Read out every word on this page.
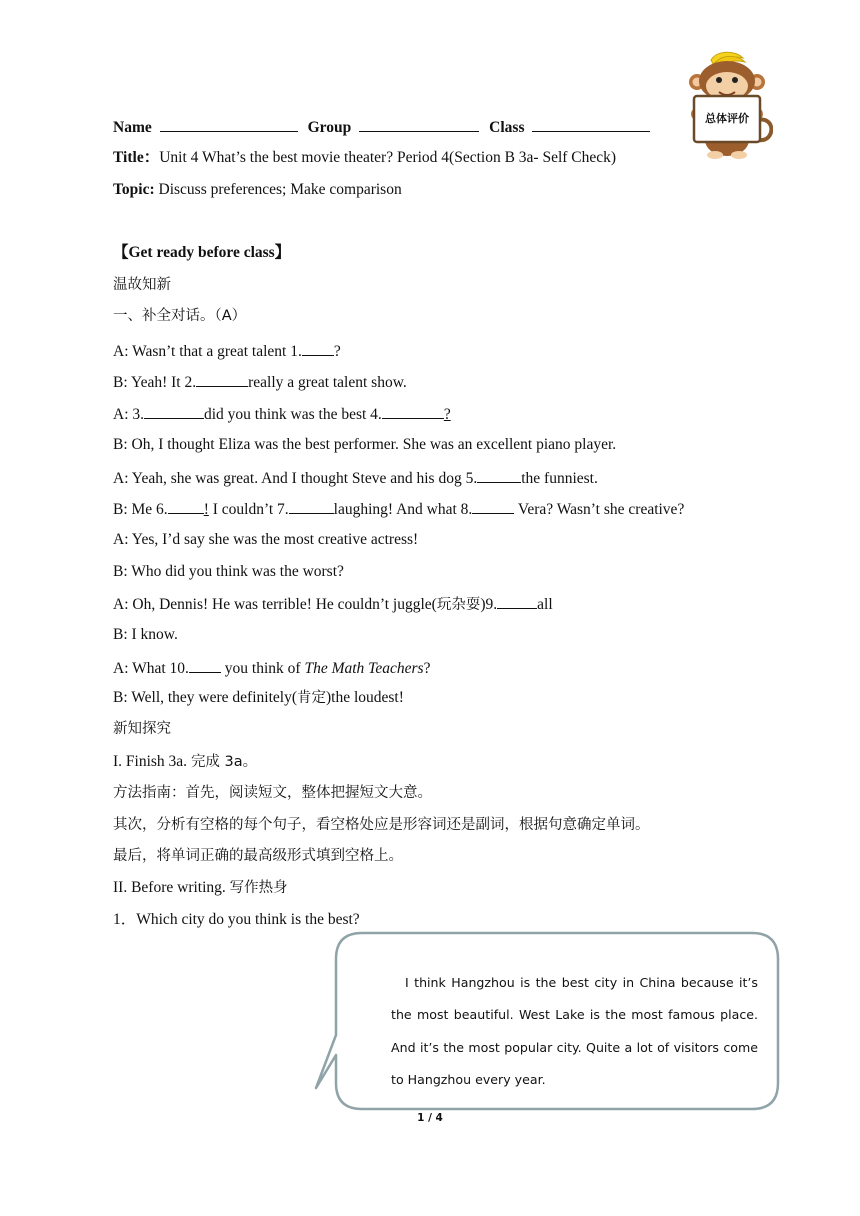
Name	Group	Class
总体评价
Title：Unit 4 What’s the best movie theater? Period 4(Section B 3a- Self Check)
Topic: Discuss preferences; Make comparison
【Get ready before class】
温故知新
一、补全对话。（A）
A: Wasn’t that a great talent 1. ?
B: Yeah! It 2.	really a great talent show.
A: 3.	did you think was the best 4.	?
B: Oh, I thought Eliza was the best performer. She was an excellent piano player.
A: Yeah, she was great. And I thought Steve and his dog 5.	the funniest.
B: Me 6. ! I couldn’t 7.	laughing! And what 8.	Vera? Wasn’t she creative?
A: Yes, I’d say she was the most creative actress!
B: Who did you think was the worst?
A: Oh, Dennis! He was terrible! He couldn’t juggle(玩杂耍)9.	all
B: I know.
A: What 10. you think of The Math Teachers?
B: Well, they were definitely(肯定)the loudest!
新知探究
I. Finish 3a. 完成 3a。
方法指南：首先，阅读短文，整体把握短文大意。
其次，分析有空格的每个句子，看空格处应是形容词还是副词，根据句意确定单词。
最后，将单词正确的最高级形式填到空格上。
II. Before writing. 写作热身
1．Which city do you think is the best?
I think Hangzhou is the best city in China because it’s the most beautiful. West Lake is the most famous place. And it’s the most popular city. Quite a lot of visitors come to Hangzhou every year.
1 / 4
